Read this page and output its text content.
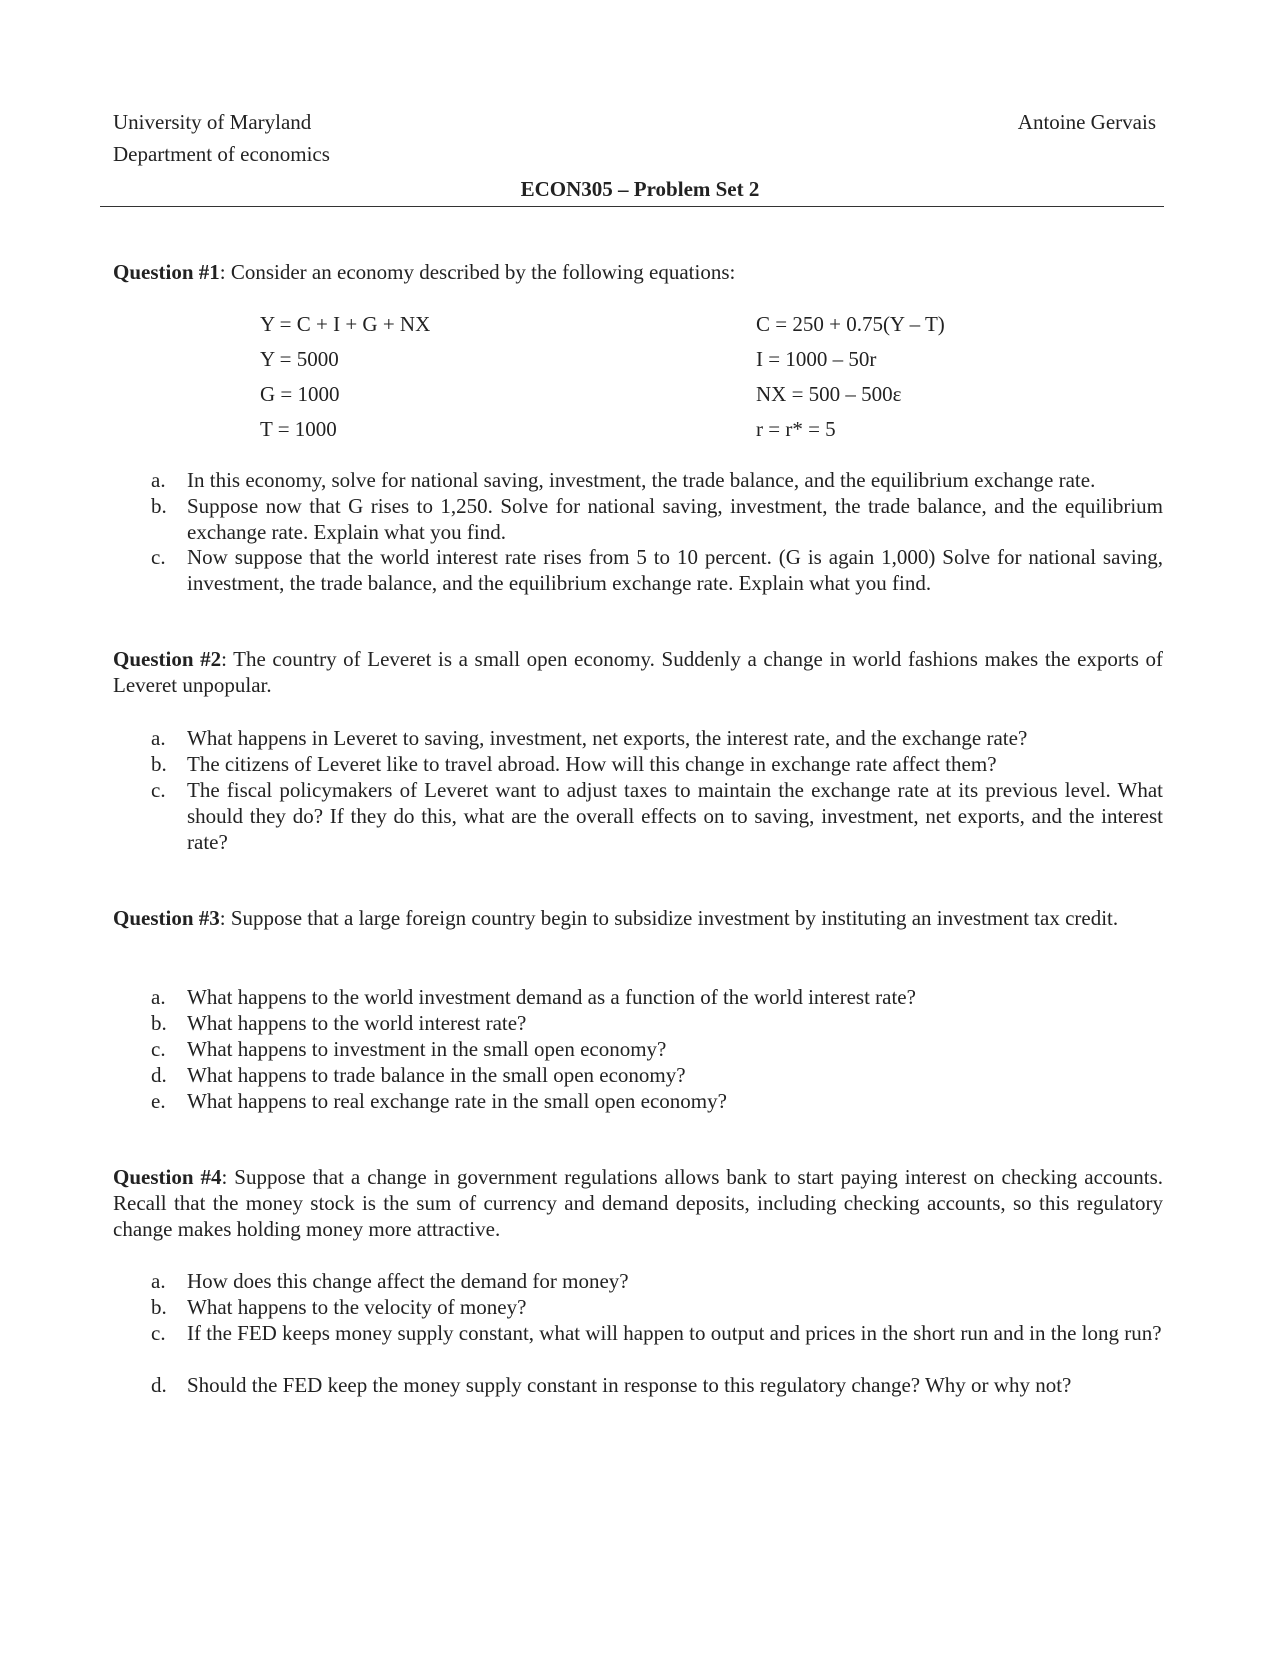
University of Maryland
Department of economics
Antoine Gervais
ECON305 – Problem Set 2
Question #1: Consider an economy described by the following equations:
Y = C + I + G + NX
Y = 5000
G = 1000
T = 1000
C = 250 + 0.75(Y – T)
I = 1000 – 50r
NX = 500 – 500ε
r = r* = 5
a. In this economy, solve for national saving, investment, the trade balance, and the equilibrium exchange rate.
b. Suppose now that G rises to 1,250. Solve for national saving, investment, the trade balance, and the equilibrium exchange rate. Explain what you find.
c. Now suppose that the world interest rate rises from 5 to 10 percent. (G is again 1,000) Solve for national saving, investment, the trade balance, and the equilibrium exchange rate. Explain what you find.
Question #2: The country of Leveret is a small open economy. Suddenly a change in world fashions makes the exports of Leveret unpopular.
a. What happens in Leveret to saving, investment, net exports, the interest rate, and the exchange rate?
b. The citizens of Leveret like to travel abroad. How will this change in exchange rate affect them?
c. The fiscal policymakers of Leveret want to adjust taxes to maintain the exchange rate at its previous level. What should they do? If they do this, what are the overall effects on to saving, investment, net exports, and the interest rate?
Question #3: Suppose that a large foreign country begin to subsidize investment by instituting an investment tax credit.
a. What happens to the world investment demand as a function of the world interest rate?
b. What happens to the world interest rate?
c. What happens to investment in the small open economy?
d. What happens to trade balance in the small open economy?
e. What happens to real exchange rate in the small open economy?
Question #4: Suppose that a change in government regulations allows bank to start paying interest on checking accounts. Recall that the money stock is the sum of currency and demand deposits, including checking accounts, so this regulatory change makes holding money more attractive.
a. How does this change affect the demand for money?
b. What happens to the velocity of money?
c. If the FED keeps money supply constant, what will happen to output and prices in the short run and in the long run?
d. Should the FED keep the money supply constant in response to this regulatory change? Why or why not?
